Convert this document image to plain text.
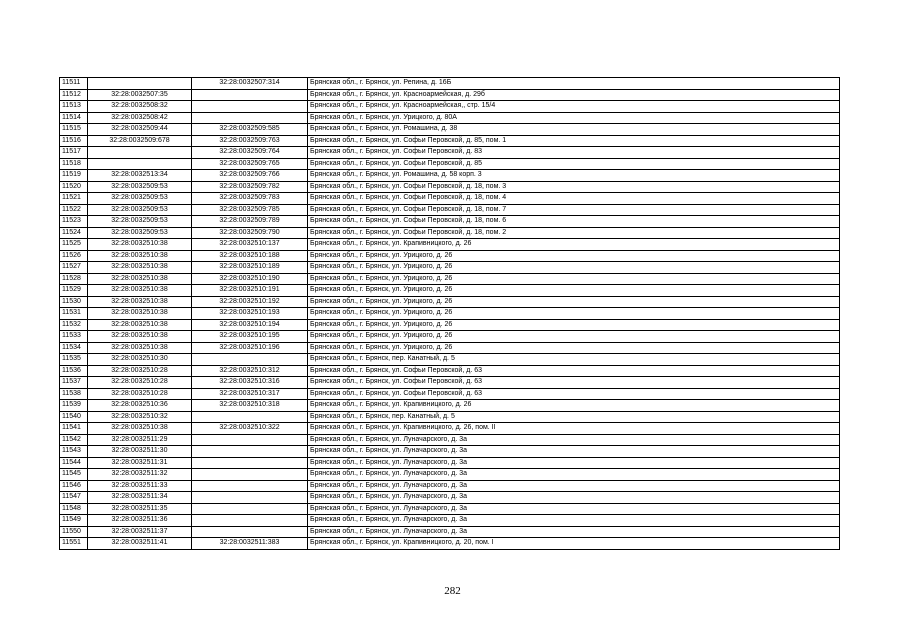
11511		32:28:0032507:314	Брянская обл., г. Брянск, ул. Репина, д. 16Б
11512	32:28:0032507:35		Брянская обл., г. Брянск, ул. Красноармейская, д. 29б
11513	32:28:0032508:32		Брянская обл., г. Брянск, ул. Красноармейская,, стр. 15/4
11514	32:28:0032508:42		Брянская обл., г. Брянск, ул. Урицкого, д. 80А
11515	32:28:0032509:44	32:28:0032509:585	Брянская обл., г. Брянск, ул. Ромашина, д. 38
11516	32:28:0032509:678	32:28:0032509:763	Брянская обл., г. Брянск, ул. Софьи Перовской, д. 85, пом. 1
11517		32:28:0032509:764	Брянская обл., г. Брянск, ул. Софьи Перовской, д. 83
11518		32:28:0032509:765	Брянская обл., г. Брянск, ул. Софьи Перовской, д. 85
11519	32:28:0032513:34	32:28:0032509:766	Брянская обл., г. Брянск, ул. Ромашина, д. 58 корп. 3
11520	32:28:0032509:53	32:28:0032509:782	Брянская обл., г. Брянск, ул. Софьи Перовской, д. 18, пом. 3
11521	32:28:0032509:53	32:28:0032509:783	Брянская обл., г. Брянск, ул. Софьи Перовской, д. 18, пом. 4
11522	32:28:0032509:53	32:28:0032509:785	Брянская обл., г. Брянск, ул. Софьи Перовской, д. 18, пом. 7
11523	32:28:0032509:53	32:28:0032509:789	Брянская обл., г. Брянск, ул. Софьи Перовской, д. 18, пом. 6
11524	32:28:0032509:53	32:28:0032509:790	Брянская обл., г. Брянск, ул. Софьи Перовской, д. 18, пом. 2
11525	32:28:0032510:38	32:28:0032510:137	Брянская обл., г. Брянск, ул. Крапивницкого, д. 26
11526	32:28:0032510:38	32:28:0032510:188	Брянская обл., г. Брянск, ул. Урицкого, д. 26
11527	32:28:0032510:38	32:28:0032510:189	Брянская обл., г. Брянск, ул. Урицкого, д. 26
11528	32:28:0032510:38	32:28:0032510:190	Брянская обл., г. Брянск, ул. Урицкого, д. 26
11529	32:28:0032510:38	32:28:0032510:191	Брянская обл., г. Брянск, ул. Урицкого, д. 26
11530	32:28:0032510:38	32:28:0032510:192	Брянская обл., г. Брянск, ул. Урицкого, д. 26
11531	32:28:0032510:38	32:28:0032510:193	Брянская обл., г. Брянск, ул. Урицкого, д. 26
11532	32:28:0032510:38	32:28:0032510:194	Брянская обл., г. Брянск, ул. Урицкого, д. 26
11533	32:28:0032510:38	32:28:0032510:195	Брянская обл., г. Брянск, ул. Урицкого, д. 26
11534	32:28:0032510:38	32:28:0032510:196	Брянская обл., г. Брянск, ул. Урицкого, д. 26
11535	32:28:0032510:30		Брянская обл., г. Брянск, пер. Канатный, д. 5
11536	32:28:0032510:28	32:28:0032510:312	Брянская обл., г. Брянск, ул. Софьи Перовской, д. 63
11537	32:28:0032510:28	32:28:0032510:316	Брянская обл., г. Брянск, ул. Софьи Перовской, д. 63
11538	32:28:0032510:28	32:28:0032510:317	Брянская обл., г. Брянск, ул. Софьи Перовской, д. 63
11539	32:28:0032510:36	32:28:0032510:318	Брянская обл., г. Брянск, ул. Крапивницкого, д. 26
11540	32:28:0032510:32		Брянская обл., г. Брянск, пер. Канатный, д. 5
11541	32:28:0032510:38	32:28:0032510:322	Брянская обл., г. Брянск, ул. Крапивницкого, д. 26, пом. II
11542	32:28:0032511:29		Брянская обл., г. Брянск, ул. Луначарского, д. 3а
11543	32:28:0032511:30		Брянская обл., г. Брянск, ул. Луначарского, д. 3а
11544	32:28:0032511:31		Брянская обл., г. Брянск, ул. Луначарского, д. 3а
11545	32:28:0032511:32		Брянская обл., г. Брянск, ул. Луначарского, д. 3а
11546	32:28:0032511:33		Брянская обл., г. Брянск, ул. Луначарского, д. 3а
11547	32:28:0032511:34		Брянская обл., г. Брянск, ул. Луначарского, д. 3а
11548	32:28:0032511:35		Брянская обл., г. Брянск, ул. Луначарского, д. 3а
11549	32:28:0032511:36		Брянская обл., г. Брянск, ул. Луначарского, д. 3а
11550	32:28:0032511:37		Брянская обл., г. Брянск, ул. Луначарского, д. 3а
11551	32:28:0032511:41	32:28:0032511:383	Брянская обл., г. Брянск, ул. Крапивницкого, д. 20, пом. I
282
